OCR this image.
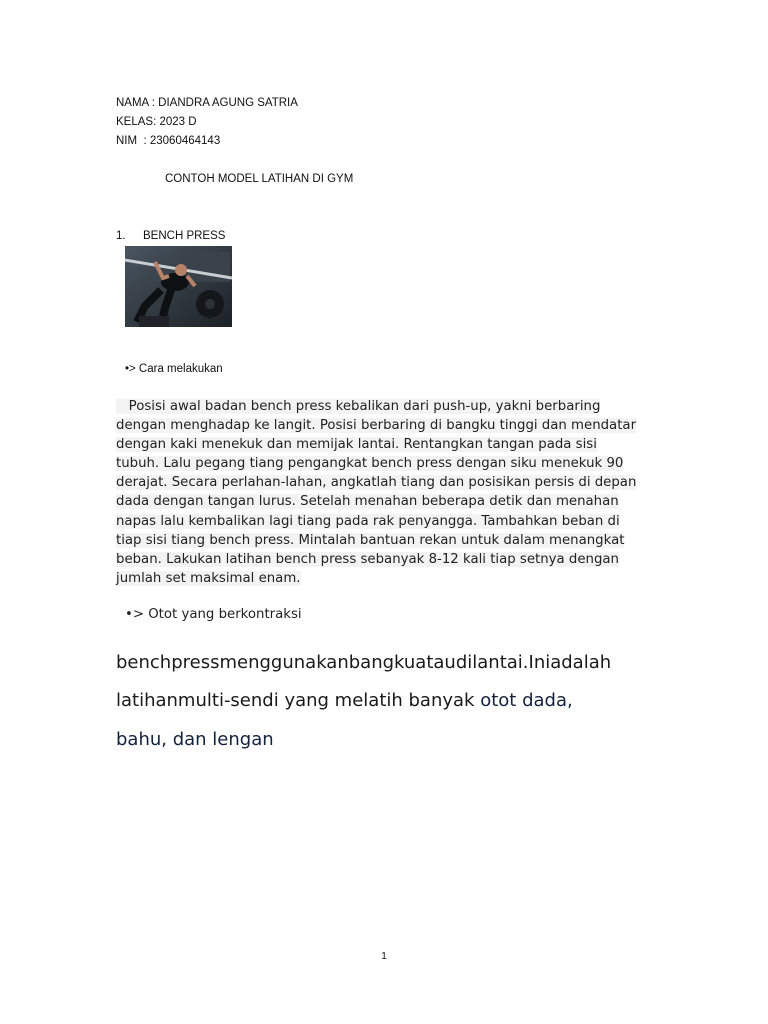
NAMA : DIANDRA AGUNG SATRIA
KELAS: 2023 D
NIM  : 23060464143
CONTOH MODEL LATIHAN DI GYM
1. BENCH PRESS
•> Cara melakukan
Posisi awal badan bench press kebalikan dari push-up, yakni berbaring
dengan menghadap ke langit. Posisi berbaring di bangku tinggi dan mendatar
dengan kaki menekuk dan memijak lantai. Rentangkan tangan pada sisi
tubuh. Lalu pegang tiang pengangkat bench press dengan siku menekuk 90
derajat. Secara perlahan-lahan, angkatlah tiang dan posisikan persis di depan
dada dengan tangan lurus. Setelah menahan beberapa detik dan menahan
napas lalu kembalikan lagi tiang pada rak penyangga. Tambahkan beban di
tiap sisi tiang bench press. Mintalah bantuan rekan untuk dalam menangkat
beban. Lakukan latihan bench press sebanyak 8-12 kali tiap setnya dengan
jumlah set maksimal enam.
•> Otot yang berkontraksi
benchpressmenggunakanbangkuataudilantai.Iniadalah
latihanmulti-sendi yang melatih banyak otot dada,
bahu, dan lengan
1
